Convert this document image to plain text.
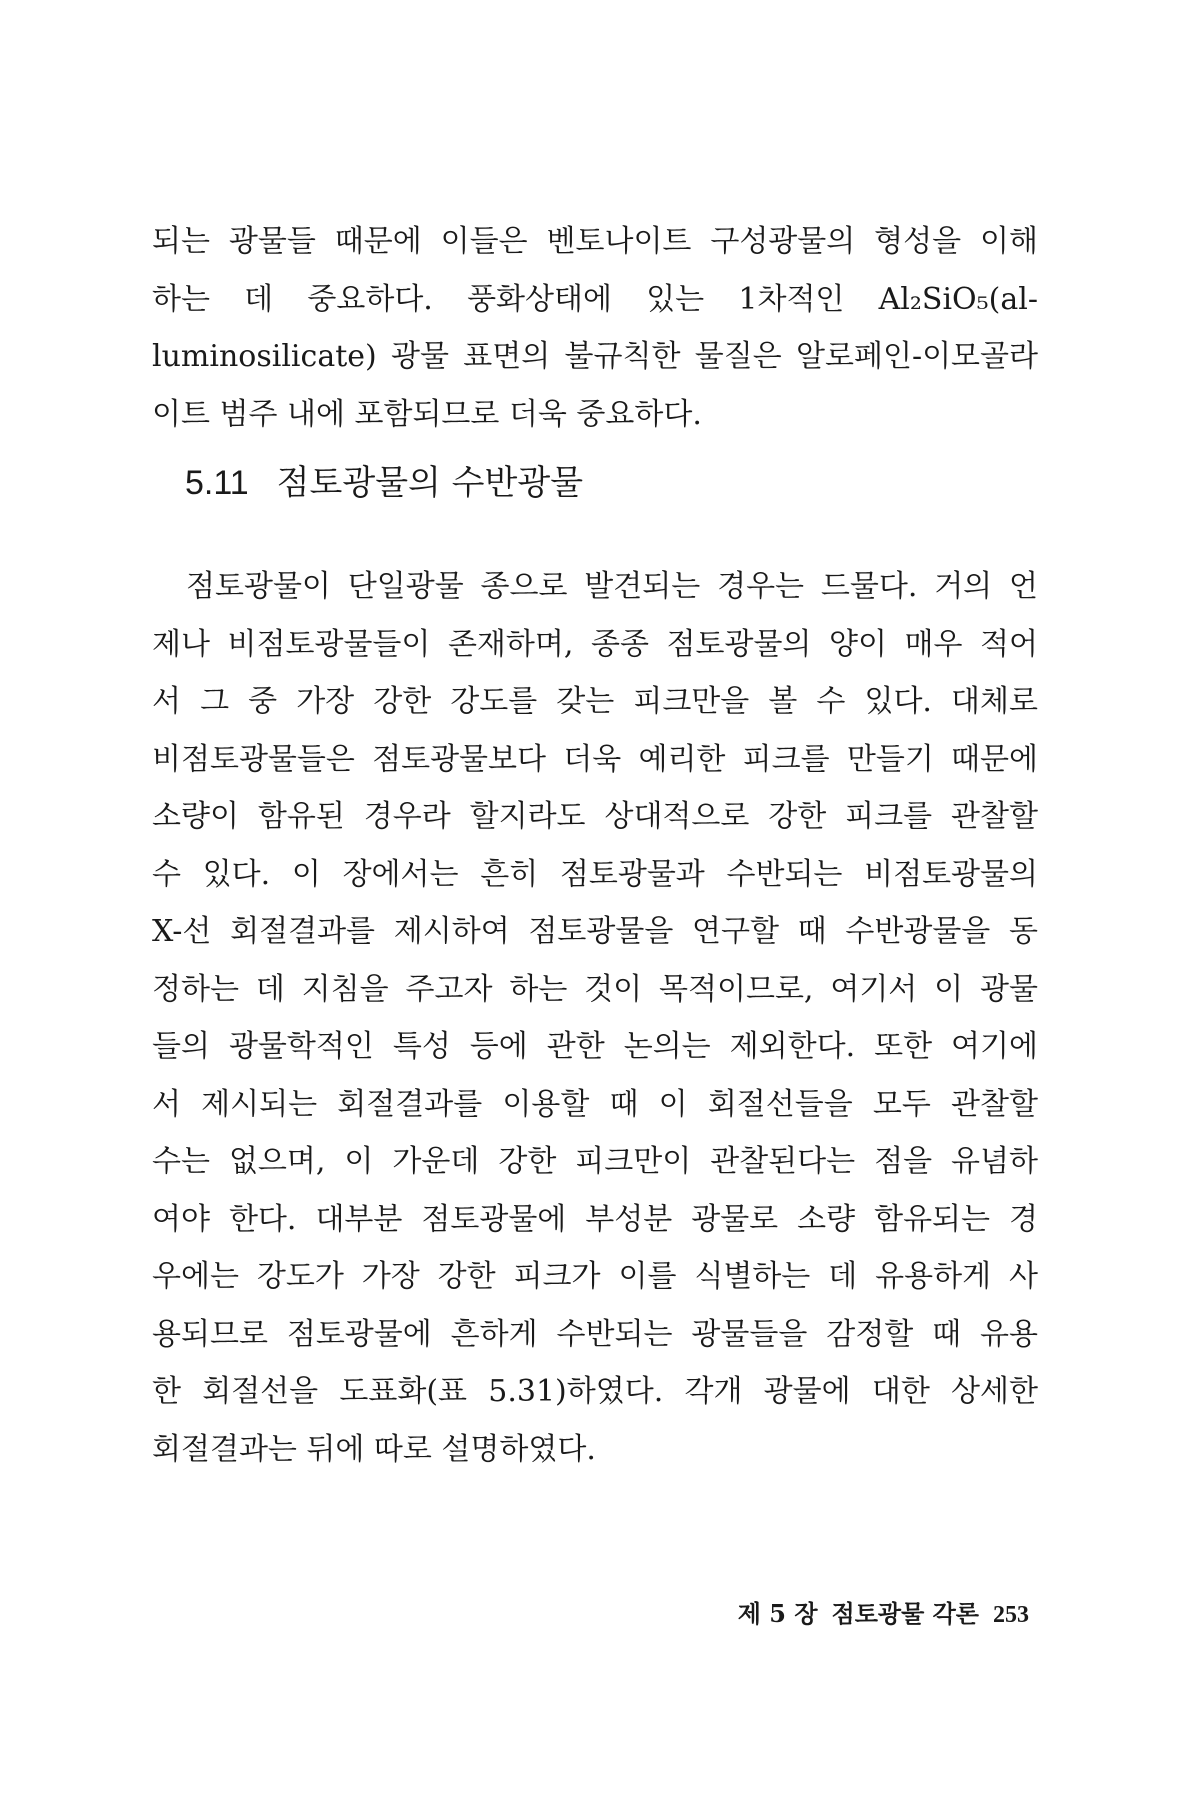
되는 광물들 때문에 이들은 벤토나이트 구성광물의 형성을 이해
하는 데 중요하다. 풍화상태에 있는 1차적인 Al₂SiO₅(al-
luminosilicate) 광물 표면의 불규칙한 물질은 알로페인-이모골라
이트 범주 내에 포함되므로 더욱 중요하다.

5.11 점토광물의 수반광물

점토광물이 단일광물 종으로 발견되는 경우는 드물다. 거의 언
제나 비점토광물들이 존재하며, 종종 점토광물의 양이 매우 적어
서 그 중 가장 강한 강도를 갖는 피크만을 볼 수 있다. 대체로
비점토광물들은 점토광물보다 더욱 예리한 피크를 만들기 때문에
소량이 함유된 경우라 할지라도 상대적으로 강한 피크를 관찰할
수 있다. 이 장에서는 흔히 점토광물과 수반되는 비점토광물의
X-선 회절결과를 제시하여 점토광물을 연구할 때 수반광물을 동
정하는 데 지침을 주고자 하는 것이 목적이므로, 여기서 이 광물
들의 광물학적인 특성 등에 관한 논의는 제외한다. 또한 여기에
서 제시되는 회절결과를 이용할 때 이 회절선들을 모두 관찰할
수는 없으며, 이 가운데 강한 피크만이 관찰된다는 점을 유념하
여야 한다. 대부분 점토광물에 부성분 광물로 소량 함유되는 경
우에는 강도가 가장 강한 피크가 이를 식별하는 데 유용하게 사
용되므로 점토광물에 흔하게 수반되는 광물들을 감정할 때 유용
한 회절선을 도표화(표 5.31)하였다. 각개 광물에 대한 상세한
회절결과는 뒤에 따로 설명하였다.

제 5 장 점토광물 각론 253
